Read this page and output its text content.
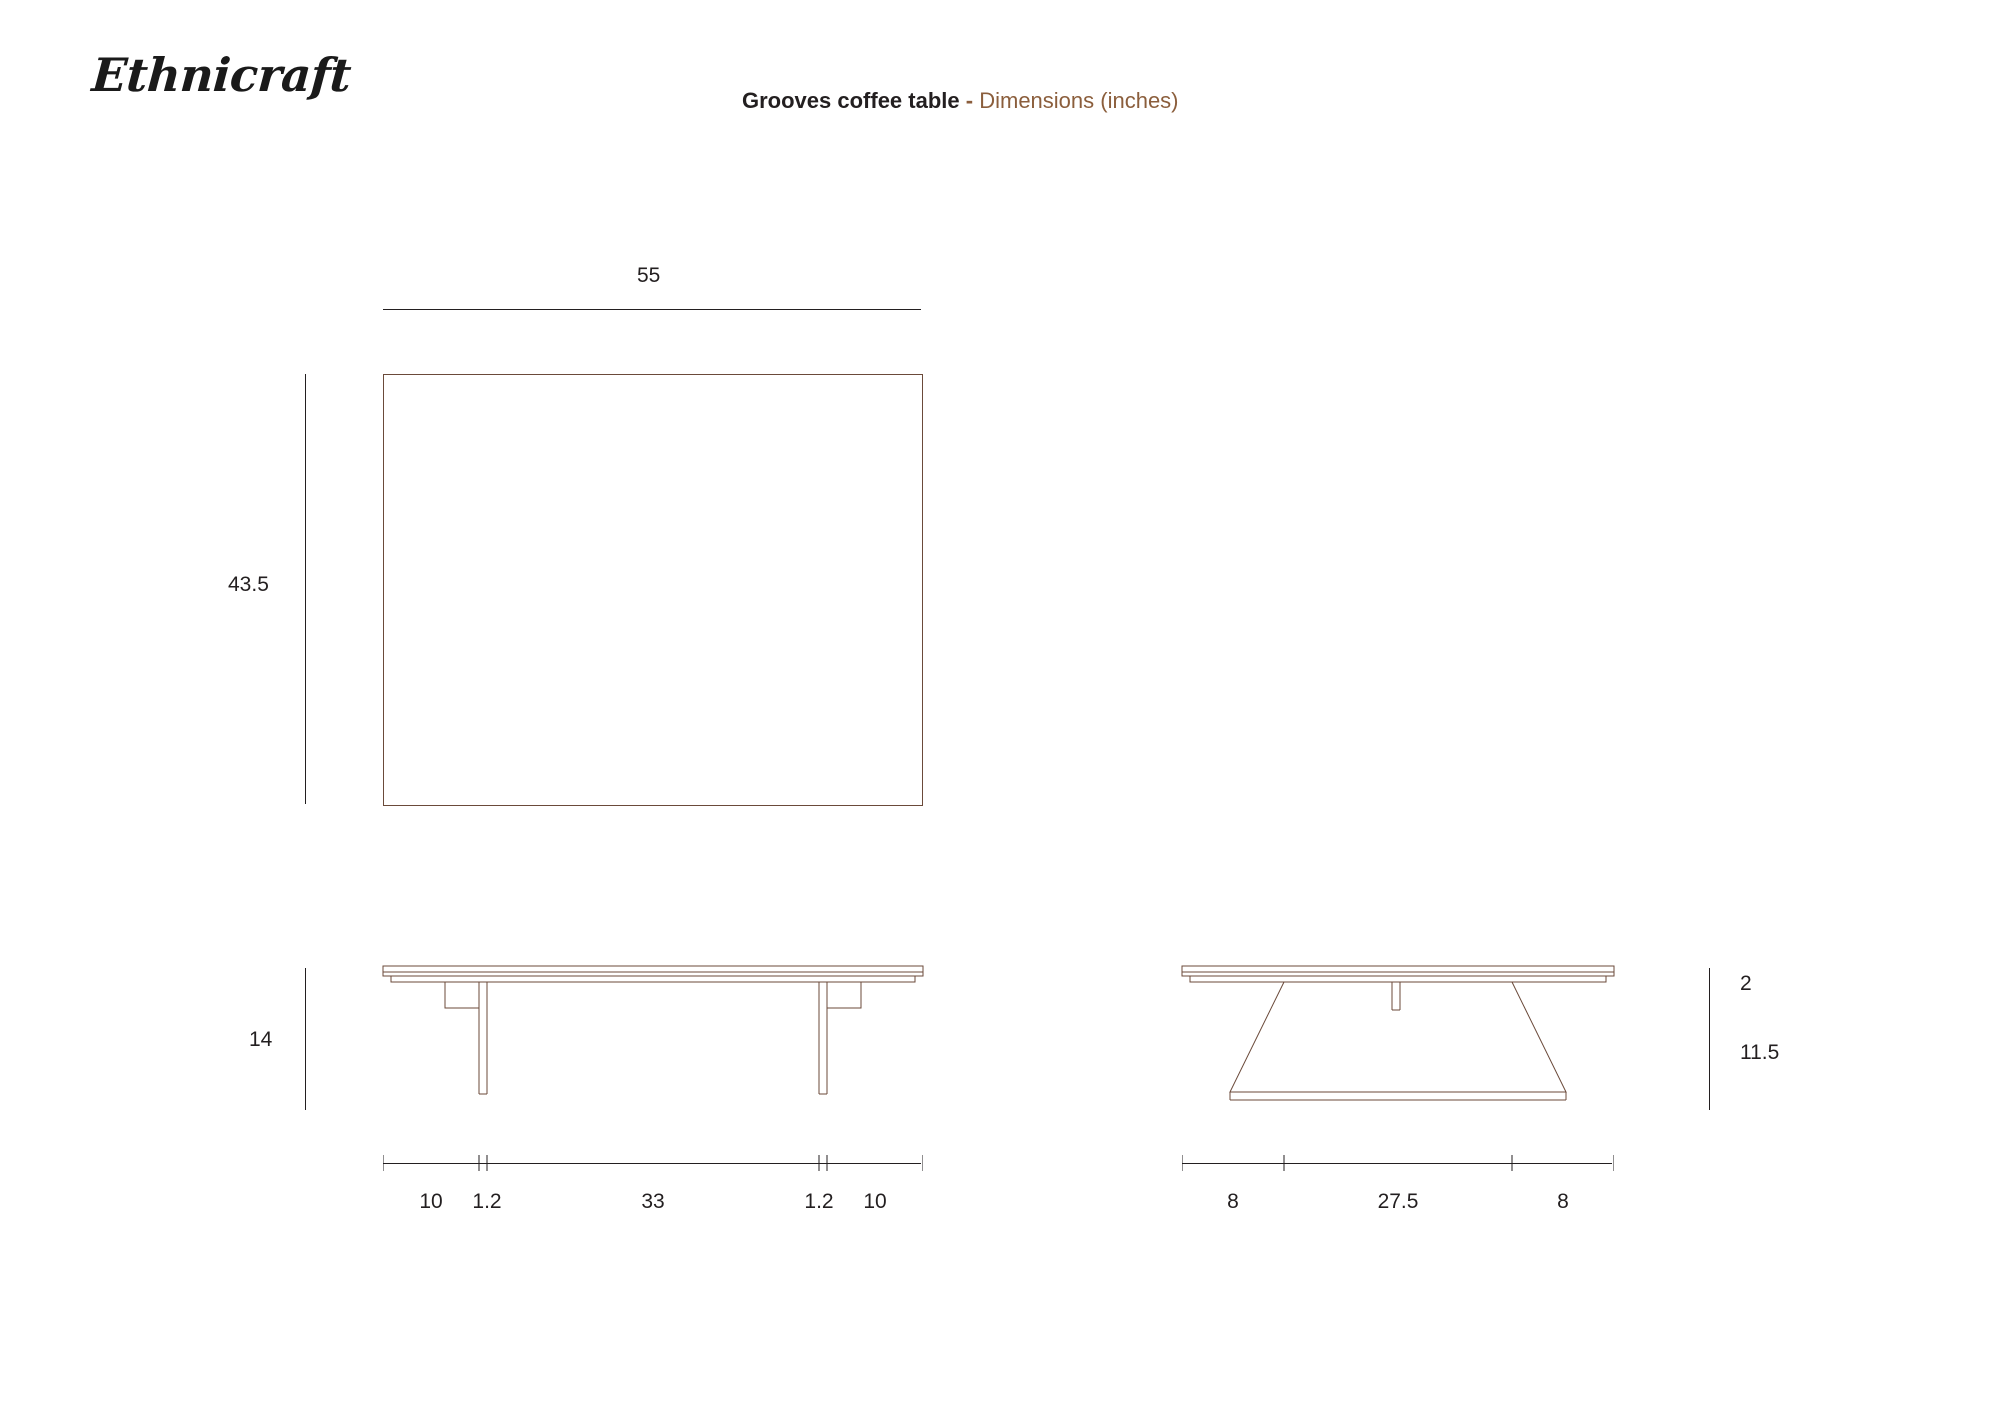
Ethnicraft	Grooves coffee table - Dimensions (inches)
55
43.5
14
10	1.2	33	1.2	10	8	27.5	8
2
11.5
